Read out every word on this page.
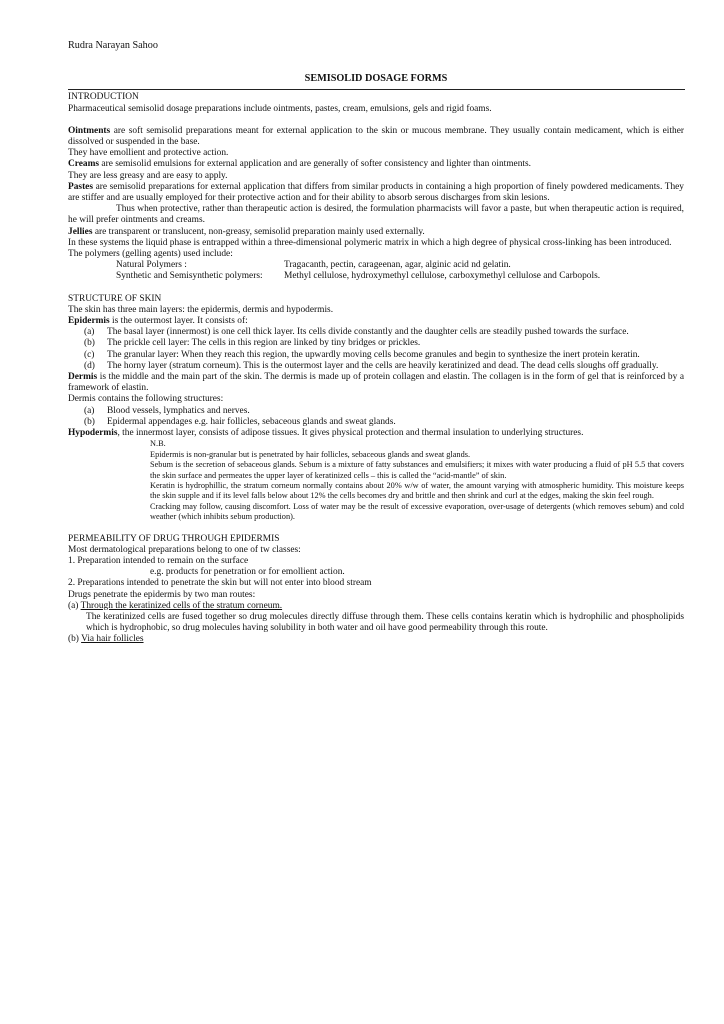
Rudra Narayan Sahoo
SEMISOLID DOSAGE FORMS
INTRODUCTION

Pharmaceutical semisolid dosage preparations include ointments, pastes, cream, emulsions, gels and rigid foams.

Ointments are soft semisolid preparations meant for external application to the skin or mucous membrane. They usually contain medicament, which is either dissolved or suspended in the base.

They have emollient and protective action.

Creams are semisolid emulsions for external application and are generally of softer consistency and lighter than ointments.

They are less greasy and are easy to apply.

Pastes are semisolid preparations for external application that differs from similar products in containing a high proportion of finely powdered medicaments. They are stiffer and are usually employed for their protective action and for their ability to absorb serous discharges from skin lesions.

Thus when protective, rather than therapeutic action is desired, the formulation pharmacists will favor a paste, but when therapeutic action is required, he will prefer ointments and creams.

Jellies are transparent or translucent, non-greasy, semisolid preparation mainly used externally.

In these systems the liquid phase is entrapped within a three-dimensional polymeric matrix in which a high degree of physical cross-linking has been introduced.

The polymers (gelling agents) used include:

Natural Polymers :	Tragacanth, pectin, carageenan, agar, alginic acid nd gelatin.
Synthetic and Semisynthetic polymers:	Methyl cellulose, hydroxymethyl cellulose, carboxymethyl cellulose and Carbopols.
STRUCTURE OF SKIN

The skin has three main layers: the epidermis, dermis and hypodermis.

Epidermis is the outermost layer. It consists of:

(a)	The basal layer (innermost) is one cell thick layer. Its cells divide constantly and the daughter cells are steadily pushed towards the surface.
(b)	The prickle cell layer: The cells in this region are linked by tiny bridges or prickles.
(c)	The granular layer: When they reach this region, the upwardly moving cells become granules and begin to synthesize the inert protein keratin.
(d)	The horny layer (stratum corneum). This is the outermost layer and the cells are heavily keratinized and dead. The dead cells sloughs off gradually.

Dermis is the middle and the main part of the skin. The dermis is made up of protein collagen and elastin. The collagen is in the form of gel that is reinforced by a framework of elastin.

Dermis contains the following structures:

(a)	Blood vessels, lymphatics and nerves.
(b)	Epidermal appendages e.g. hair follicles, sebaceous glands and sweat glands.

Hypodermis, the innermost layer, consists of adipose tissues. It gives physical protection and thermal insulation to underlying structures.

N.B.

Epidermis is non-granular but is penetrated by hair follicles, sebaceous glands and sweat glands.

Sebum is the secretion of sebaceous glands. Sebum is a mixture of fatty substances and emulsifiers; it mixes with water producing a fluid of pH 5.5 that covers the skin surface and permeates the upper layer of keratinized cells – this is called the “acid-mantle” of skin.

Keratin is hydrophillic, the stratum corneum normally contains about 20% w/w of water, the amount varying with atmospheric humidity. This moisture keeps the skin supple and if its level falls below about 12% the cells becomes dry and brittle and then shrink and curl at the edges, making the skin feel rough.

Cracking may follow, causing discomfort. Loss of water may be the result of excessive evaporation, over-usage of detergents (which removes sebum) and cold weather (which inhibits sebum production).

PERMEABILITY OF DRUG THROUGH EPIDERMIS

Most dermatological preparations belong to one of tw classes:

1. Preparation intended to remain on the surface

e.g. products for penetration or for emollient action.

2. Preparations intended to penetrate the skin but will not enter into blood stream

Drugs penetrate the epidermis by two man routes:

(a) Through the keratinized cells of the stratum corneum.

The keratinized cells are fused together so drug molecules directly diffuse through them. These cells contains keratin which is hydrophilic and phospholipids which is hydrophobic, so drug molecules having solubility in both water and oil have good permeability through this route.

(b) Via hair follicles
